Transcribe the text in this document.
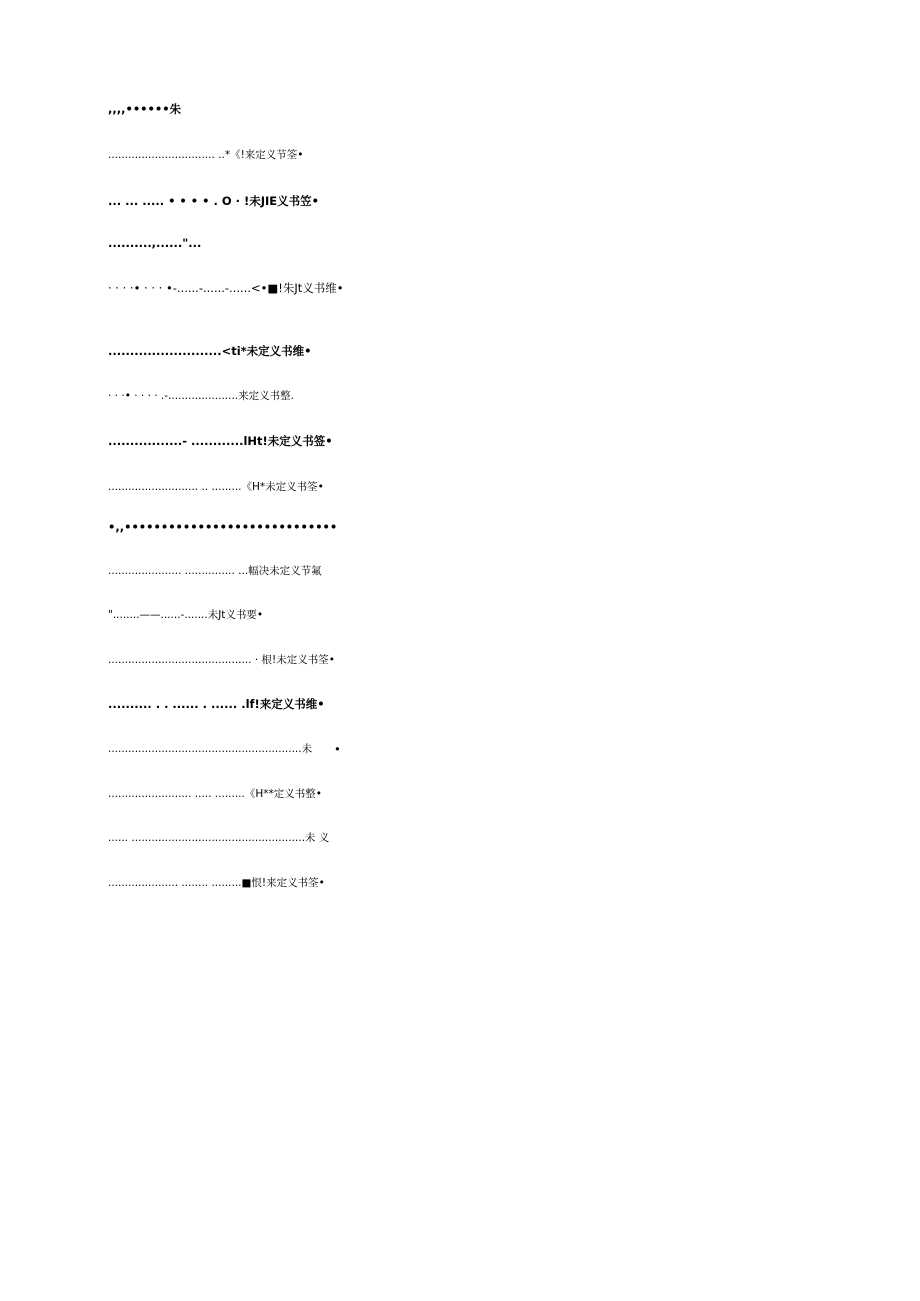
,,,,••••••朱
................................ ..*《!来定义节筌•
... ... ..... • • • • . O · !未JIE义书笠•
..........,......"...
· · · ·• · · · •-......-......-......<•■!朱Jt义书维•
..........................<ti*未定义书维•
· · ·• · · · · .-.....................来定义书整.
.................- ............lHt!未定义书签•
........................... .. .........《H*未定义书筌•
•,,•••••••••••••••••••••••••••••
...................... ............... ...幅决未定义节氟
"........——......-.......未Jt义书要•
........................................... · 根!未定义书筌•
.......... . . ...... . ...... .lf!来定义书维•
..........................................................未 •
......................... ..... .........《H**定义书整•
...... ....................................................未 义
..................... ........ .........■恨!来定义书筌•
